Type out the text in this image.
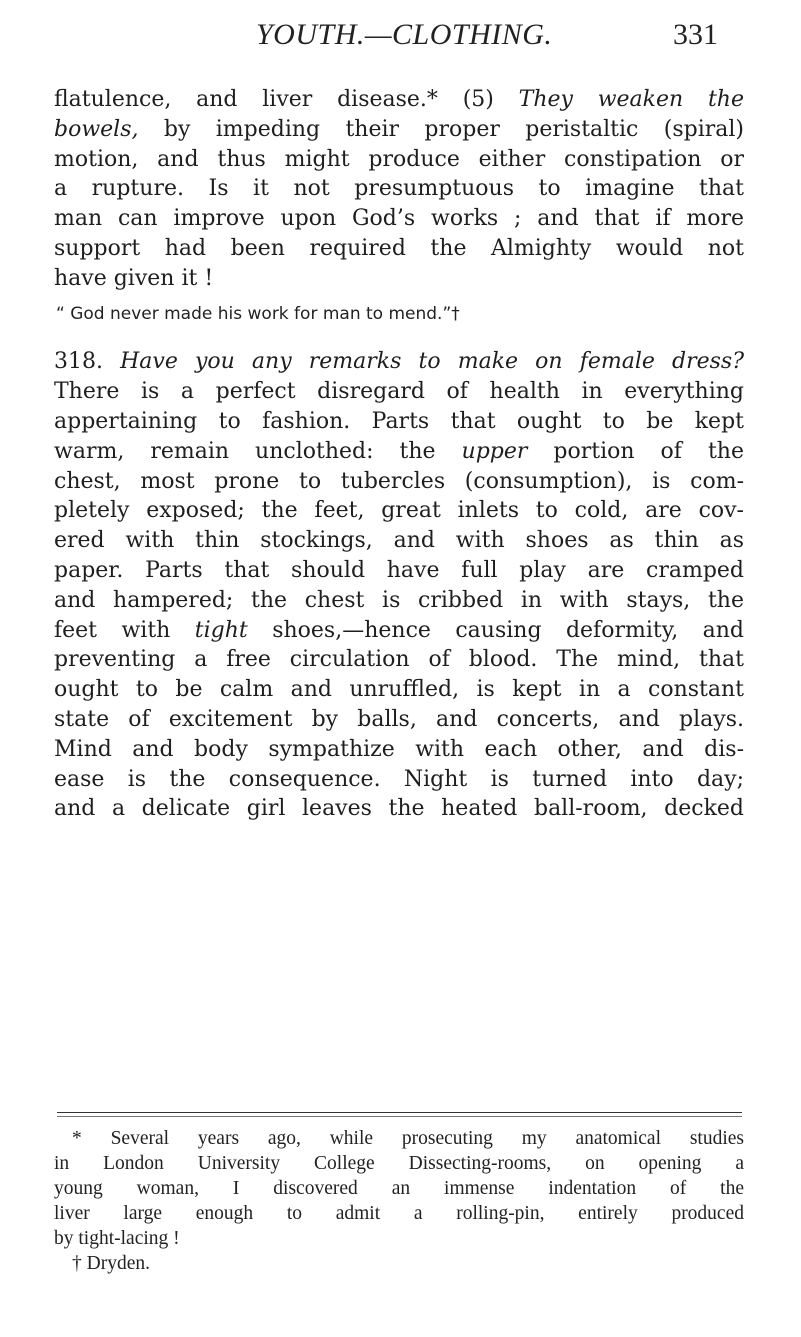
YOUTH.—CLOTHING.	331
flatulence, and liver disease.* (5) They weaken the
bowels, by impeding their proper peristaltic (spiral)
motion, and thus might produce either constipation or
a rupture. Is it not presumptuous to imagine that
man can improve upon God’s works ; and that if more
support had been required the Almighty would not
have given it !
“ God never made his work for man to mend.”†
318. Have you any remarks to make on female dress?
There is a perfect disregard of health in everything
appertaining to fashion. Parts that ought to be kept
warm, remain unclothed: the upper portion of the
chest, most prone to tubercles (consumption), is com-
pletely exposed; the feet, great inlets to cold, are cov-
ered with thin stockings, and with shoes as thin as
paper. Parts that should have full play are cramped
and hampered; the chest is cribbed in with stays, the
feet with tight shoes,—hence causing deformity, and
preventing a free circulation of blood. The mind, that
ought to be calm and unruffled, is kept in a constant
state of excitement by balls, and concerts, and plays.
Mind and body sympathize with each other, and dis-
ease is the consequence. Night is turned into day;
and a delicate girl leaves the heated ball-room, decked
* Several years ago, while prosecuting my anatomical studies
in London University College Dissecting-rooms, on opening a
young woman, I discovered an immense indentation of the
liver large enough to admit a rolling-pin, entirely produced
by tight-lacing !
† Dryden.
